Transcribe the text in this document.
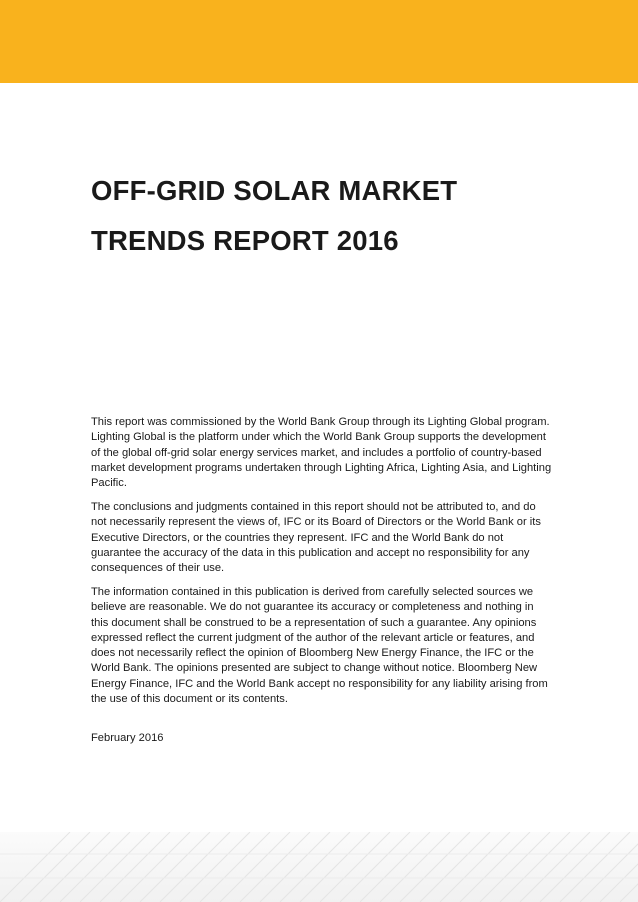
OFF-GRID SOLAR MARKET
TRENDS REPORT 2016

This report was commissioned by the World Bank Group through its Lighting Global program. Lighting Global is the platform under which the World Bank Group supports the development of the global off-grid solar energy services market, and includes a portfolio of country-based market development programs undertaken through Lighting Africa, Lighting Asia, and Lighting Pacific.

The conclusions and judgments contained in this report should not be attributed to, and do not necessarily represent the views of, IFC or its Board of Directors or the World Bank or its Executive Directors, or the countries they represent. IFC and the World Bank do not guarantee the accuracy of the data in this publication and accept no responsibility for any consequences of their use.

The information contained in this publication is derived from carefully selected sources we believe are reasonable. We do not guarantee its accuracy or completeness and nothing in this document shall be construed to be a representation of such a guarantee. Any opinions expressed reflect the current judgment of the author of the relevant article or features, and does not necessarily reflect the opinion of Bloomberg New Energy Finance, the IFC or the World Bank. The opinions presented are subject to change without notice. Bloomberg New Energy Finance, IFC and the World Bank accept no responsibility for any liability arising from the use of this document or its contents.

February 2016
